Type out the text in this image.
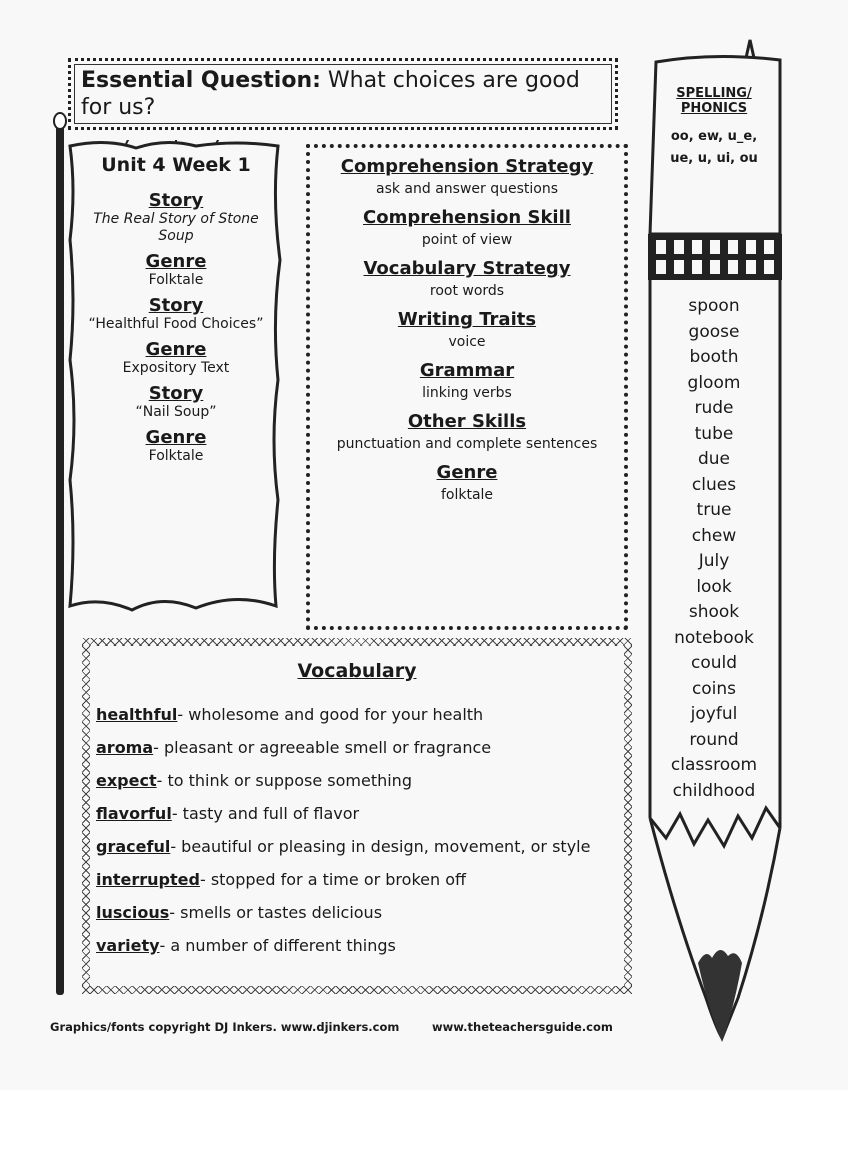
Essential Question: What choices are good for us?
Unit 4 Week 1
Story
The Real Story of Stone Soup
Genre
Folktale
Story
“Healthful Food Choices”
Genre
Expository Text
Story
“Nail Soup”
Genre
Folktale
Comprehension Strategy
ask and answer questions
Comprehension Skill
point of view
Vocabulary Strategy
root words
Writing Traits
voice
Grammar
linking verbs
Other Skills
punctuation and complete sentences
Genre
folktale
Vocabulary
healthful- wholesome and good for your health
aroma- pleasant or agreeable smell or fragrance
expect- to think or suppose something
flavorful- tasty and full of flavor
graceful- beautiful or pleasing in design, movement, or style
interrupted- stopped for a time or broken off
luscious- smells or tastes delicious
variety- a number of different things
Graphics/fonts copyright DJ Inkers. www.djinkers.com	www.theteachersguide.com
SPELLING/
PHONICS
oo, ew, u_e,
ue, u, ui, ou
spoon
goose
booth
gloom
rude
tube
due
clues
true
chew
July
look
shook
notebook
could
coins
joyful
round
classroom
childhood
